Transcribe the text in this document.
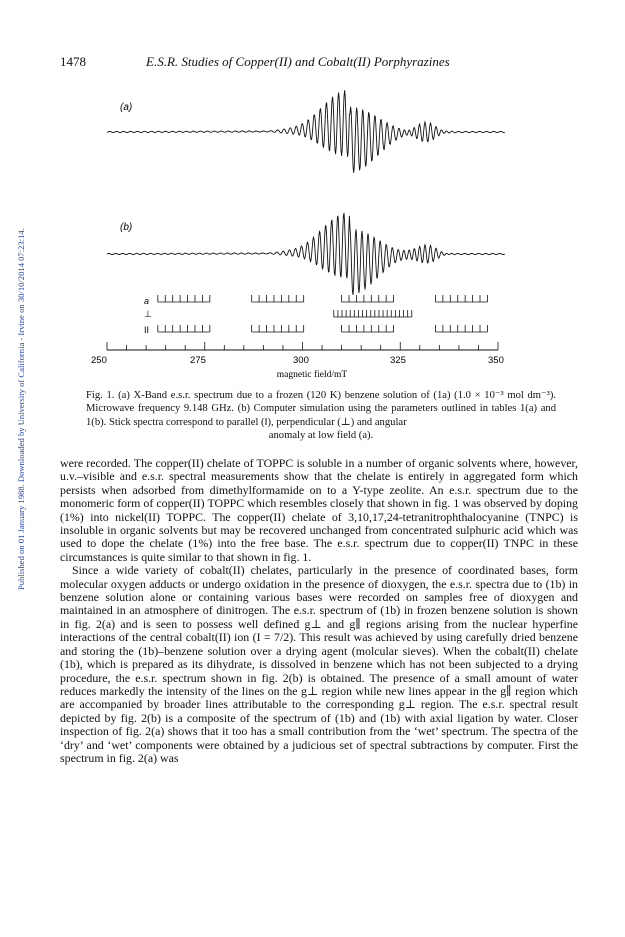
Published on 01 January 1988. Downloaded by University of California - Irvine on 30/10/2014 07:23:14.
1478	E.S.R. Studies of Copper(II) and Cobalt(II) Porphyrazines
(a)
(b)
a
⊥
II
250	275	300	325	350
magnetic field/mT
Fig. 1. (a) X-Band e.s.r. spectrum due to a frozen (120 K) benzene solution of (1a) (1.0 × 10⁻³ mol dm⁻³). Microwave frequency 9.148 GHz. (b) Computer simulation using the parameters outlined in tables 1(a) and 1(b). Stick spectra correspond to parallel (‖), perpendicular (⊥) and angular
anomaly at low field (a).

were recorded. The copper(II) chelate of TOPPC is soluble in a number of organic solvents where, however, u.v.–visible and e.s.r. spectral measurements show that the chelate is entirely in aggregated form which persists when adsorbed from dimethylformamide on to a Y-type zeolite. An e.s.r. spectrum due to the monomeric form of copper(II) TOPPC which resembles closely that shown in fig. 1 was observed by doping (1%) into nickel(II) TOPPC. The copper(II) chelate of 3,10,17,24-tetranitrophthalocyanine (TNPC) is insoluble in organic solvents but may be recovered unchanged from concentrated sulphuric acid which was used to dope the chelate (1%) into the free base. The e.s.r. spectrum due to copper(II) TNPC in these circumstances is quite similar to that shown in fig. 1.

Since a wide variety of cobalt(II) chelates, particularly in the presence of coordinated bases, form molecular oxygen adducts or undergo oxidation in the presence of dioxygen, the e.s.r. spectra due to (1b) in benzene solution alone or containing various bases were recorded on samples free of dioxygen and maintained in an atmosphere of dinitrogen. The e.s.r. spectrum of (1b) in frozen benzene solution is shown in fig. 2(a) and is seen to possess well defined g⊥ and g∥ regions arising from the nuclear hyperfine interactions of the central cobalt(II) ion (I = 7/2). This result was achieved by using carefully dried benzene and storing the (1b)–benzene solution over a drying agent (molcular sieves). When the cobalt(II) chelate (1b), which is prepared as its dihydrate, is dissolved in benzene which has not been subjected to a drying procedure, the e.s.r. spectrum shown in fig. 2(b) is obtained. The presence of a small amount of water reduces markedly the intensity of the lines on the g⊥ region while new lines appear in the g∥ region which are accompanied by broader lines attributable to the corresponding g⊥ region. The e.s.r. spectral result depicted by fig. 2(b) is a composite of the spectrum of (1b) and (1b) with axial ligation by water. Closer inspection of fig. 2(a) shows that it too has a small contribution from the ‘wet’ spectrum. The spectra of the ‘dry’ and ‘wet’ components were obtained by a judicious set of spectral subtractions by computer. First the spectrum in fig. 2(a) was
